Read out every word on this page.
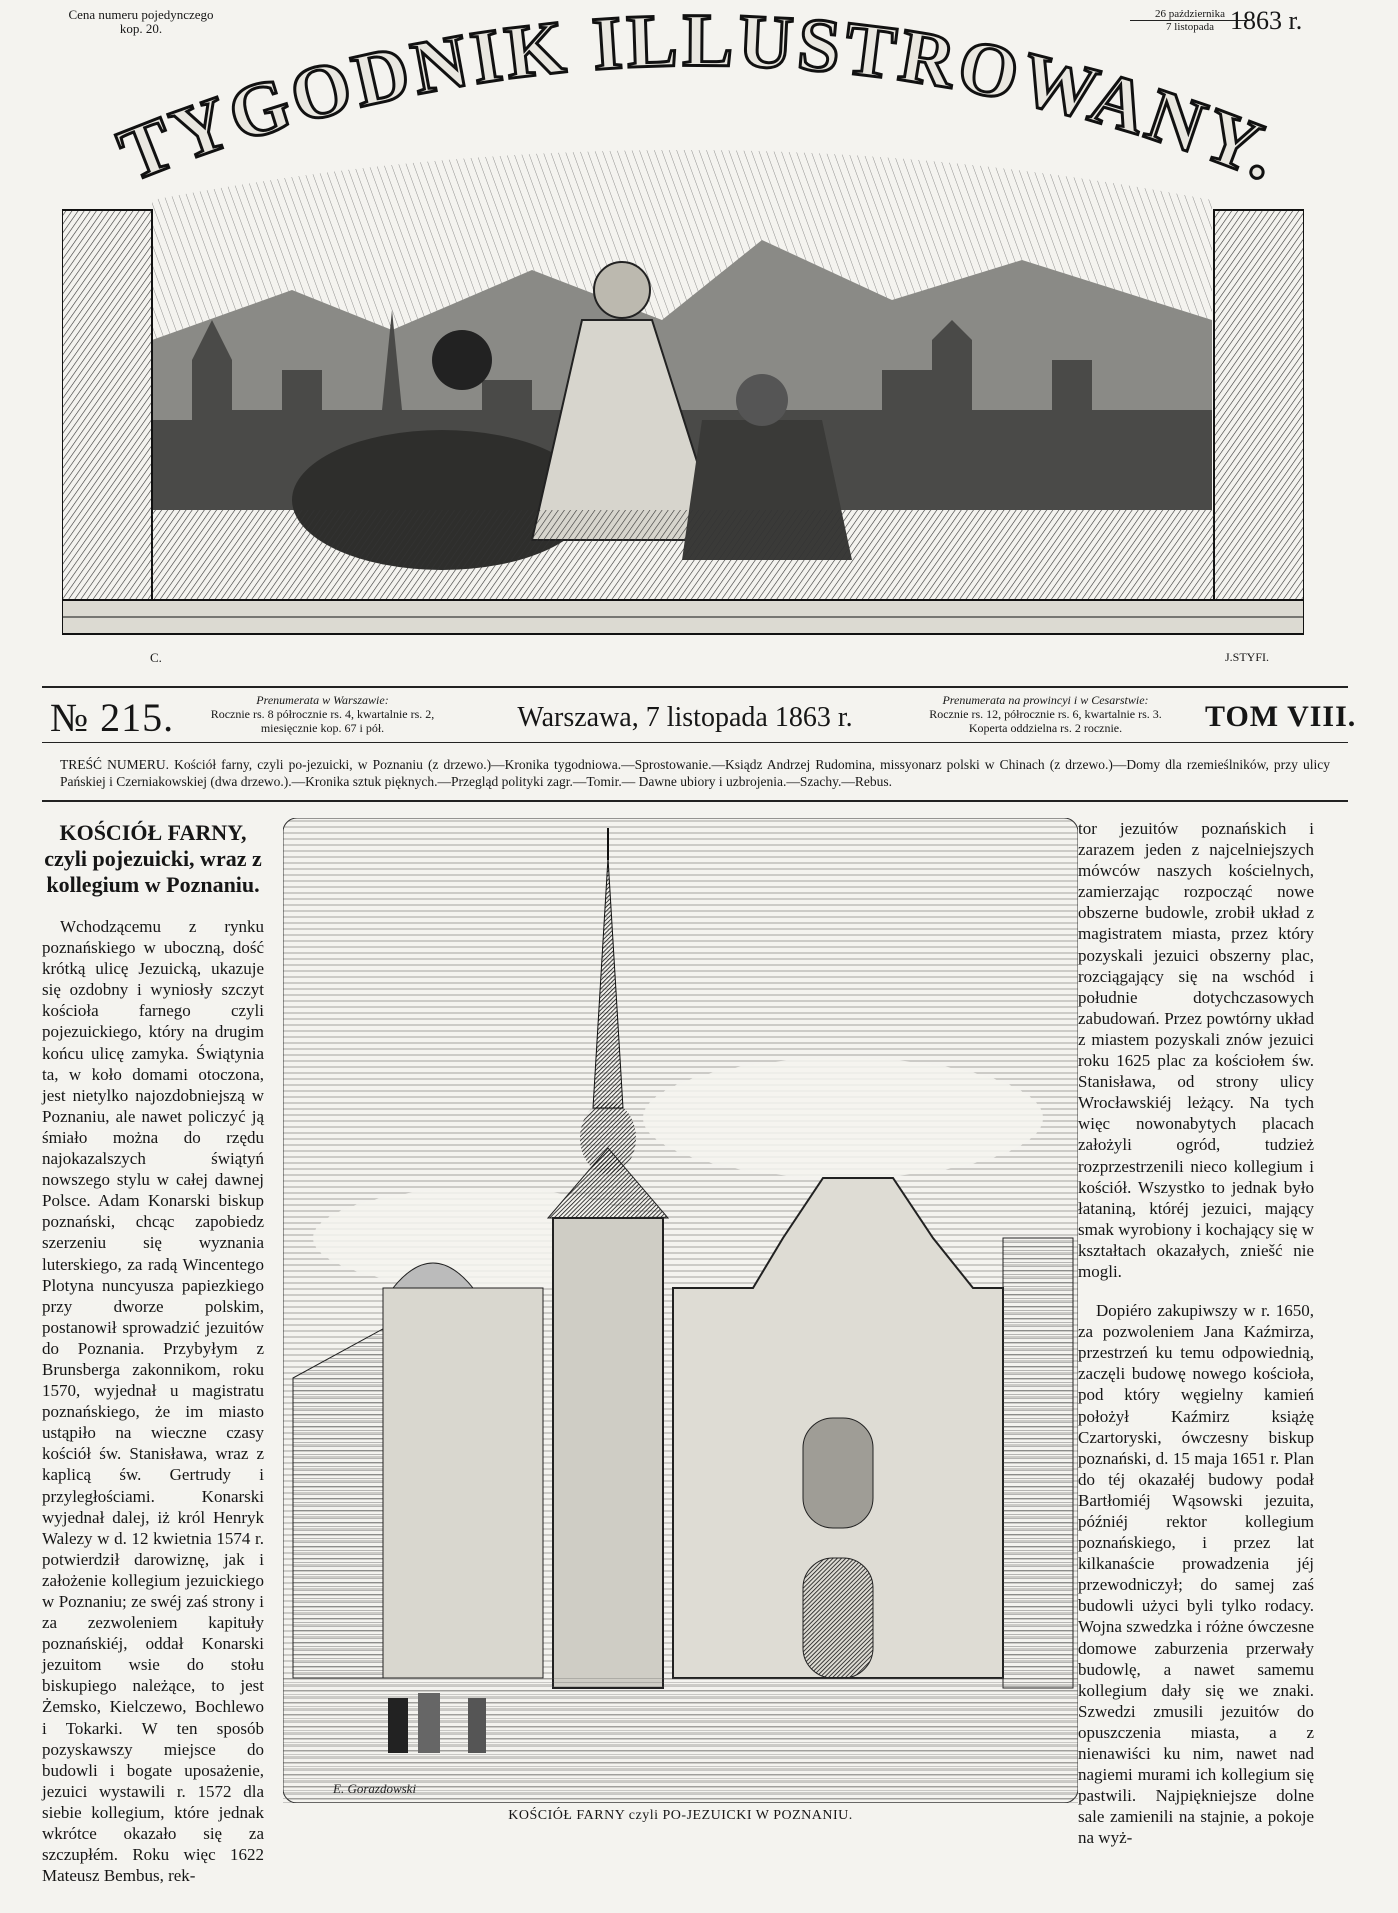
Cena numeru pojedynczego
kop. 20.
26 października
7 listopada 1863 r.
TYGODNIK ILLUSTROWANY.
C.	J.STYFI.
№ 215.	Prenumerata w Warszawie:
Rocznie rs. 8 półrocznie rs. 4, kwartalnie rs. 2,
miesięcznie kop. 67 i pół.	Warszawa, 7 listopada 1863 r.
Prenumerata na prowincyi i w Cesarstwie:
Rocznie rs. 12, półrocznie rs. 6, kwartalnie rs. 3.
Koperta oddzielna rs. 2 rocznie.	TOM VIII.
TREŚĆ NUMERU. Kościół farny, czyli po-jezuicki, w Poznaniu (z drzewo.)—Kronika tygodniowa.—Sprostowanie.—Ksiądz Andrzej Rudomina, missyonarz polski w Chinach (z drzewo.)—Domy dla rzemieślników, przy ulicy Pańskiej i Czerniakowskiej (dwa drzewo.).—Kronika sztuk pięknych.—Przegląd polityki zagr.—Tomir.— Dawne ubiory i uzbrojenia.—Szachy.—Rebus.
KOŚCIÓŁ FARNY,
czyli pojezuicki, wraz z
kollegium w Poznaniu.

Wchodzącemu z rynku poznańskiego w uboczną, dość krótką ulicę Jezuicką, ukazuje się ozdobny i wyniosły szczyt kościoła farnego czyli pojezuickiego, który na drugim końcu ulicę zamyka. Świątynia ta, w koło domami otoczona, jest nietylko najozdobniejszą w Poznaniu, ale nawet policzyć ją śmiało można do rzędu najokazalszych świątyń nowszego stylu w całej dawnej Polsce. Adam Konarski biskup poznański, chcąc zapobiedz szerzeniu się wyznania luterskiego, za radą Wincentego Plotyna nuncyusza papiezkiego przy dworze polskim, postanowił sprowadzić jezuitów do Poznania. Przybyłym z Brunsberga zakonnikom, roku 1570, wyjednał u magistratu poznańskiego, że im miasto ustąpiło na wieczne czasy kościół św. Stanisława, wraz z kaplicą św. Gertrudy i przyległościami. Konarski wyjednał dalej, iż król Henryk Walezy w d. 12 kwietnia 1574 r. potwierdził darowiznę, jak i założenie kollegium jezuickiego w Poznaniu; ze swéj zaś strony i za zezwoleniem kapituły poznańskiéj, oddał Konarski jezuitom wsie do stołu biskupiego należące, to jest Żemsko, Kielczewo, Bochlewo i Tokarki. W ten sposób pozyskawszy miejsce do budowli i bogate uposażenie, jezuici wystawili r. 1572 dla siebie kollegium, które jednak wkrótce okazało się za szczupłém. Roku więc 1622 Mateusz Bembus, rek-

E. Gorazdowski
KOŚCIÓŁ FARNY czyli PO-JEZUICKI W POZNANIU.

tor jezuitów poznańskich i zarazem jeden z najcelniejszych mówców naszych kościelnych, zamierzając rozpocząć nowe obszerne budowle, zrobił układ z magistratem miasta, przez który pozyskali jezuici obszerny plac, rozciągający się na wschód i południe dotychczasowych zabudowań. Przez powtórny układ z miastem pozyskali znów jezuici roku 1625 plac za kościołem św. Stanisława, od strony ulicy Wrocławskiéj leżący. Na tych więc nowonabytych placach założyli ogród, tudzież rozprzestrzenili nieco kollegium i kościół. Wszystko to jednak było łataniną, któréj jezuici, mający smak wyrobiony i kochający się w kształtach okazałych, zniešć nie mogli.

Dopiéro zakupiwszy w r. 1650, za pozwoleniem Jana Kaźmirza, przestrzeń ku temu odpowiednią, zaczęli budowę nowego kościoła, pod który węgielny kamień położył Kaźmirz książę Czartoryski, ówczesny biskup poznański, d. 15 maja 1651 r. Plan do téj okazałéj budowy podał Bartłomiéj Wąsowski jezuita, późniéj rektor kollegium poznańskiego, i przez lat kilkanaście prowadzenia jéj przewodniczył; do samej zaś budowli użyci byli tylko rodacy. Wojna szwedzka i różne ówczesne domowe zaburzenia przerwały budowlę, a nawet samemu kollegium dały się we znaki. Szwedzi zmusili jezuitów do opuszczenia miasta, a z nienawiści ku nim, nawet nad nagiemi murami ich kollegium się pastwili. Najpiękniejsze dolne sale zamienili na stajnie, a pokoje na wyż-
